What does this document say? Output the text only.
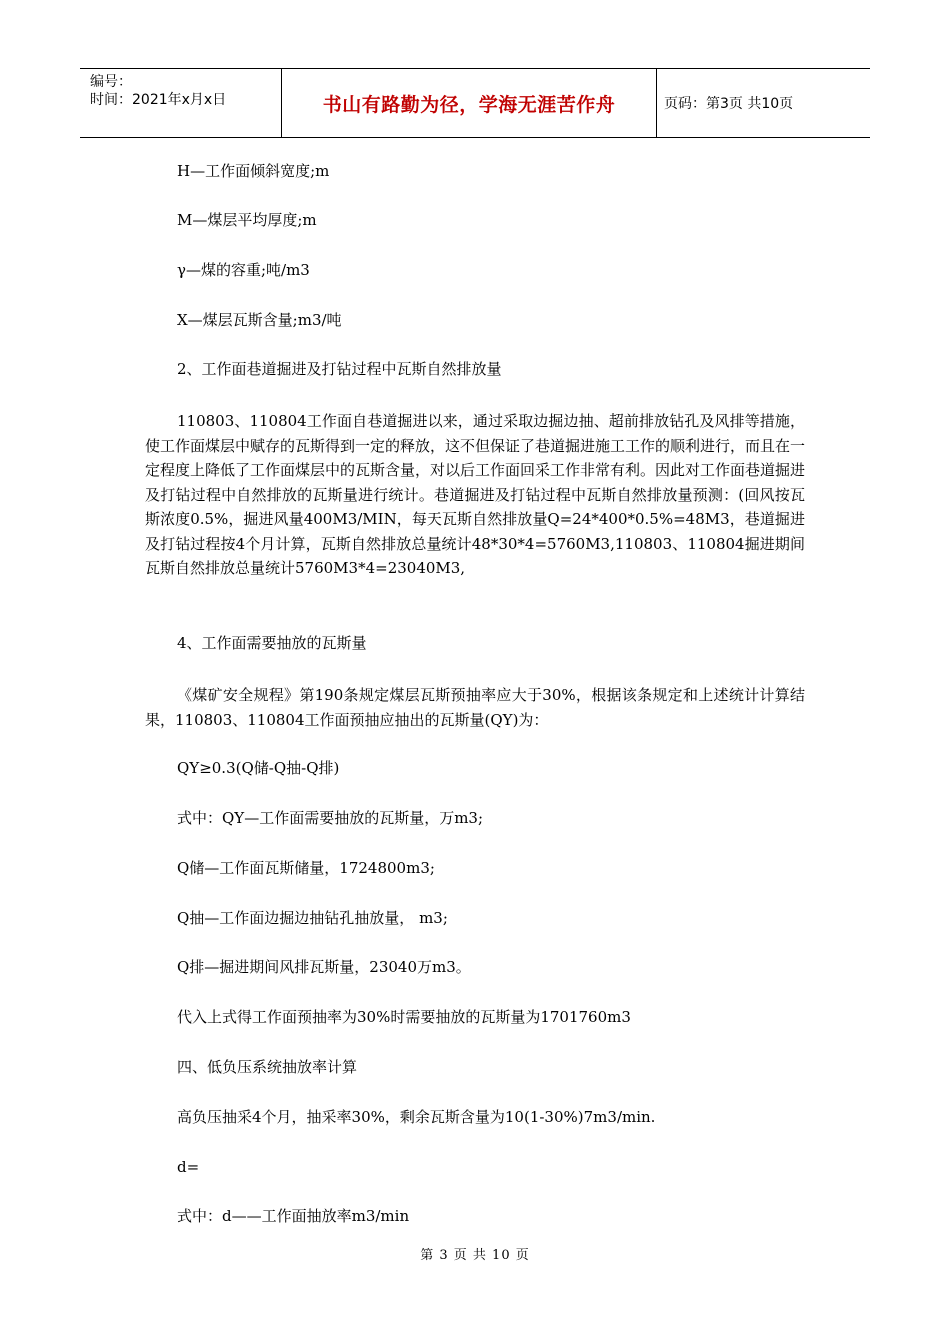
编号：
时间：2021年x月x日	书山有路勤为径，学海无涯苦作舟	页码：第3页 共10页
H—工作面倾斜宽度;m
M—煤层平均厚度;m
γ—煤的容重;吨/m3
X—煤层瓦斯含量;m3/吨
2、工作面巷道掘进及打钻过程中瓦斯自然排放量
110803、110804工作面自巷道掘进以来，通过采取边掘边抽、超前排放钻孔及风排等措施，使工作面煤层中赋存的瓦斯得到一定的释放，这不但保证了巷道掘进施工工作的顺利进行，而且在一定程度上降低了工作面煤层中的瓦斯含量，对以后工作面回采工作非常有利。因此对工作面巷道掘进及打钻过程中自然排放的瓦斯量进行统计。巷道掘进及打钻过程中瓦斯自然排放量预测：(回风按瓦斯浓度0.5%，掘进风量400M3/MIN，每天瓦斯自然排放量Q=24*400*0.5%=48M3，巷道掘进及打钻过程按4个月计算，瓦斯自然排放总量统计48*30*4=5760M3,110803、110804掘进期间瓦斯自然排放总量统计5760M3*4=23040M3,
4、工作面需要抽放的瓦斯量
《煤矿安全规程》第190条规定煤层瓦斯预抽率应大于30%，根据该条规定和上述统计计算结果，110803、110804工作面预抽应抽出的瓦斯量(QY)为：
QY≥0.3(Q储-Q抽-Q排)
式中：QY—工作面需要抽放的瓦斯量，万m3;
Q储—工作面瓦斯储量，1724800m3;
Q抽—工作面边掘边抽钻孔抽放量， m3;
Q排—掘进期间风排瓦斯量，23040万m3。
代入上式得工作面预抽率为30%时需要抽放的瓦斯量为1701760m3
四、低负压系统抽放率计算
高负压抽采4个月，抽采率30%，剩余瓦斯含量为10(1-30%)7m3/min.
d=
式中：d——工作面抽放率m3/min
第 3 页 共 10 页
